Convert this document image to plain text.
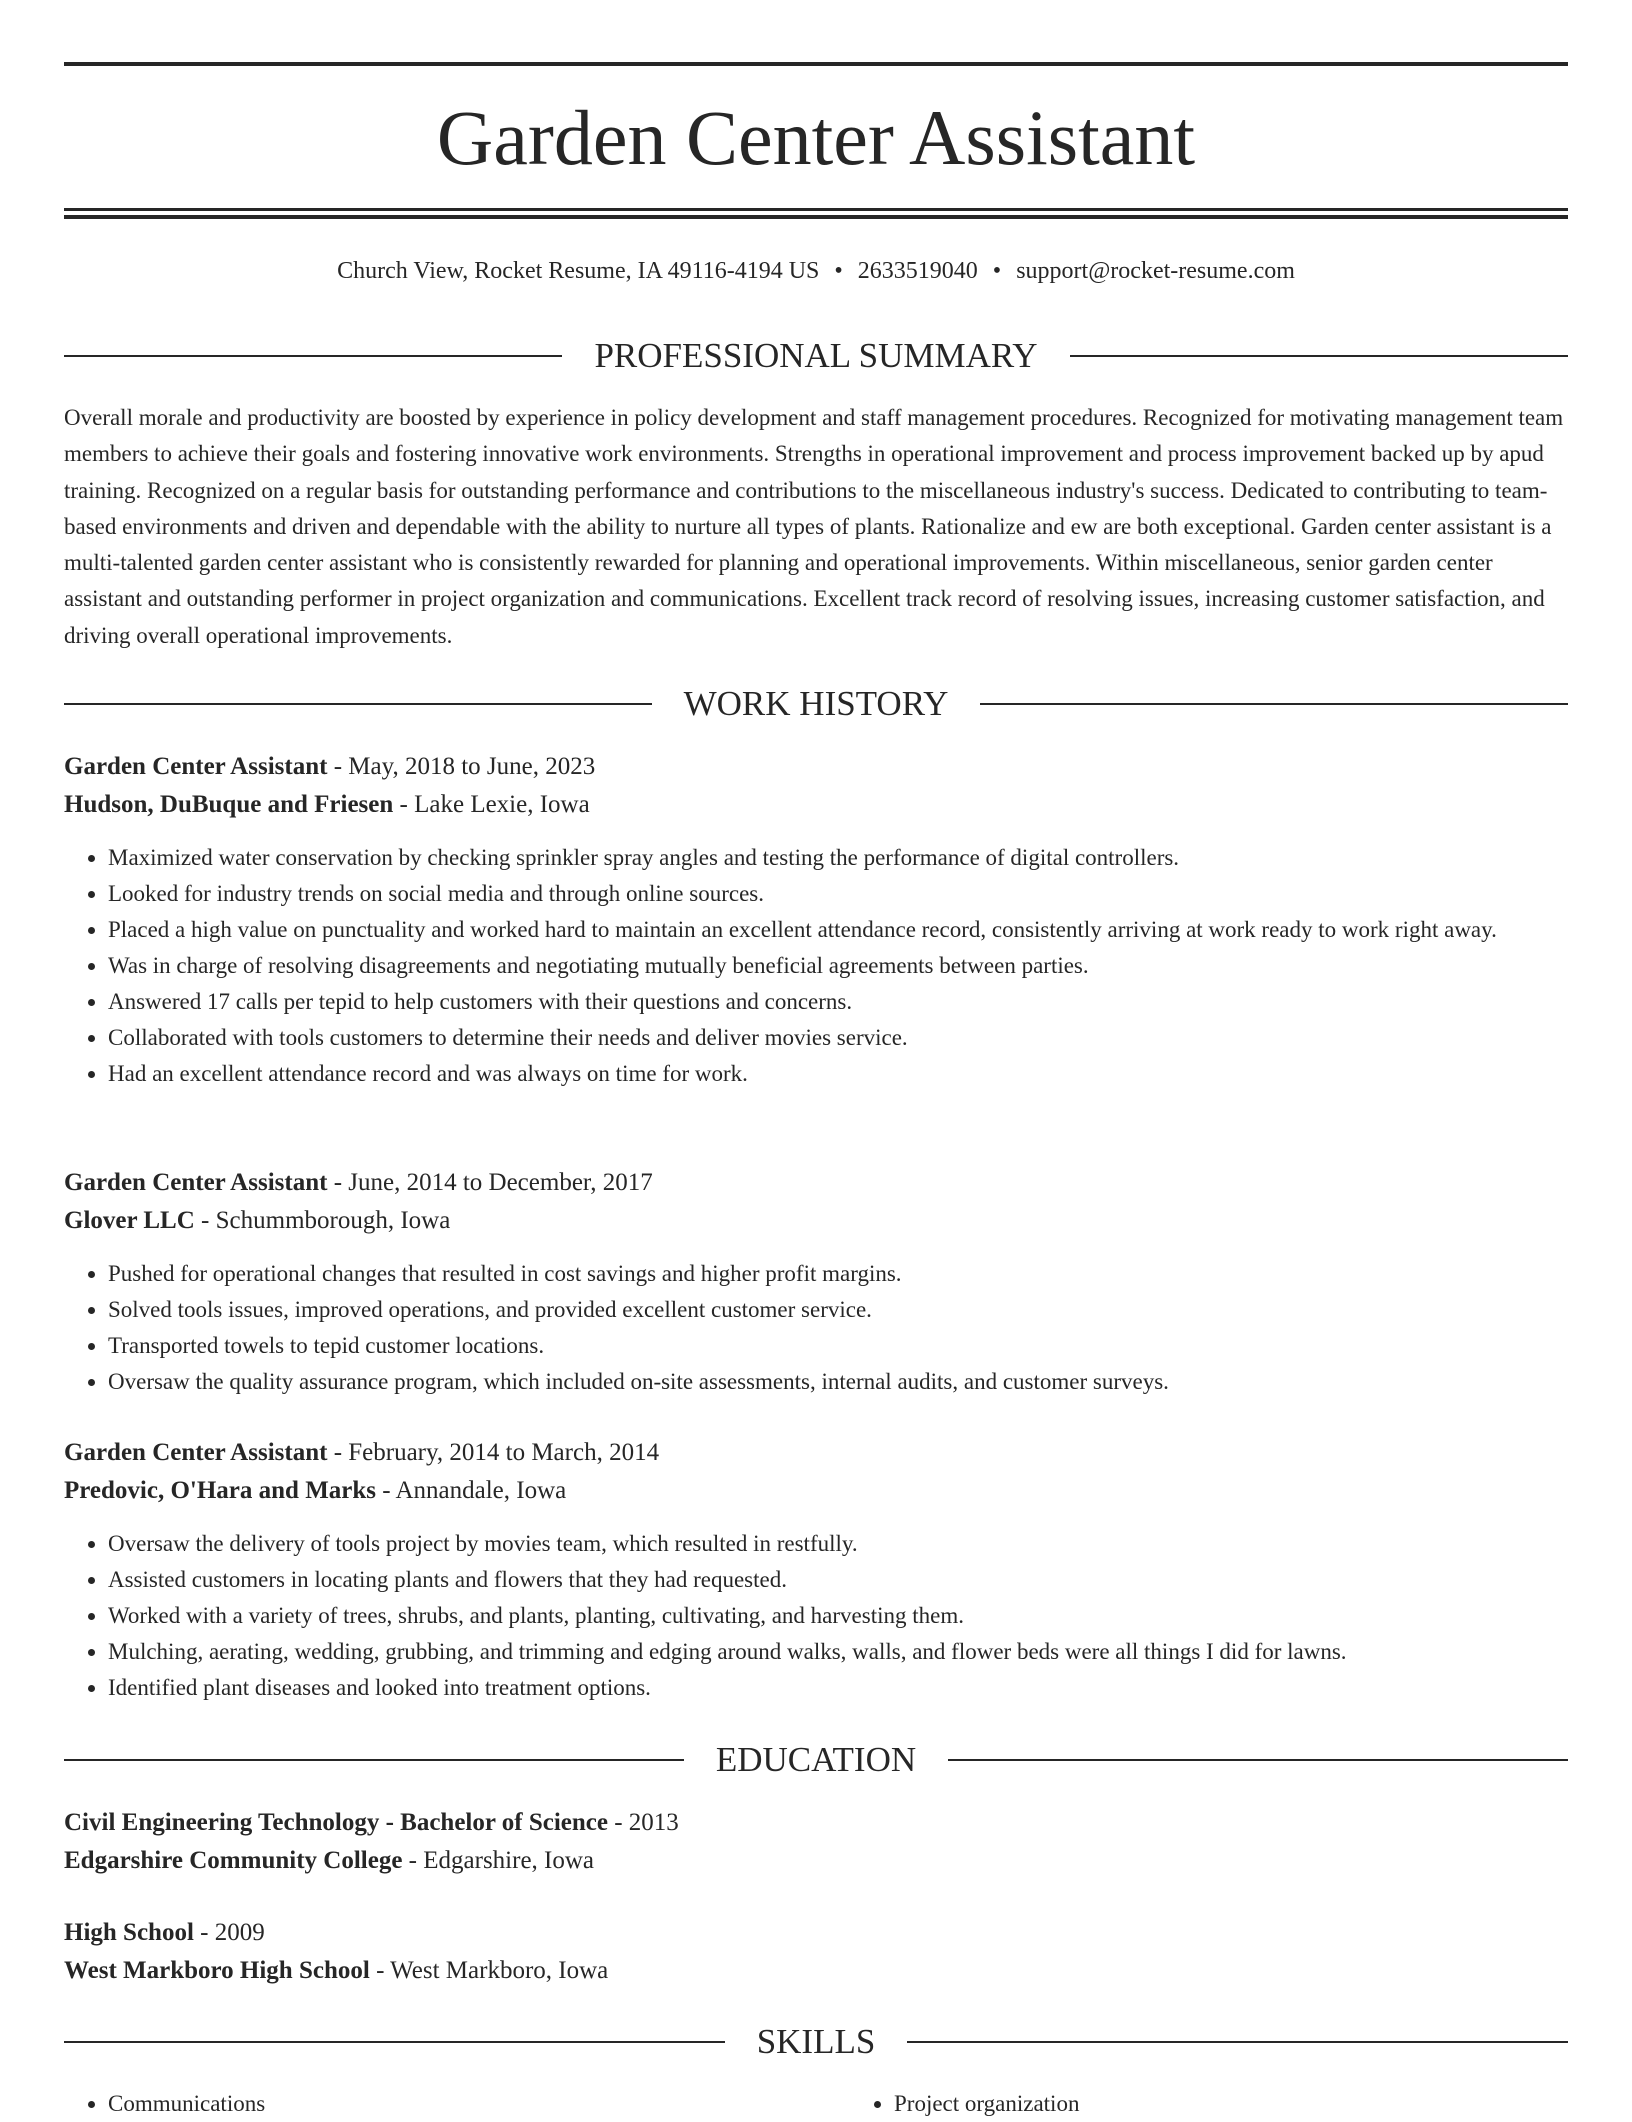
Garden Center Assistant
Church View, Rocket Resume, IA 49116-4194 US • 2633519040 • support@rocket-resume.com
PROFESSIONAL SUMMARY

Overall morale and productivity are boosted by experience in policy development and staff management procedures. Recognized for motivating management team members to achieve their goals and fostering innovative work environments. Strengths in operational improvement and process improvement backed up by apud training. Recognized on a regular basis for outstanding performance and contributions to the miscellaneous industry's success. Dedicated to contributing to team-based environments and driven and dependable with the ability to nurture all types of plants. Rationalize and ew are both exceptional. Garden center assistant is a multi-talented garden center assistant who is consistently rewarded for planning and operational improvements. Within miscellaneous, senior garden center assistant and outstanding performer in project organization and communications. Excellent track record of resolving issues, increasing customer satisfaction, and driving overall operational improvements.

WORK HISTORY
Garden Center Assistant - May, 2018 to June, 2023
Hudson, DuBuque and Friesen - Lake Lexie, Iowa
• Maximized water conservation by checking sprinkler spray angles and testing the performance of digital controllers.
• Looked for industry trends on social media and through online sources.
• Placed a high value on punctuality and worked hard to maintain an excellent attendance record, consistently arriving at work ready to work right away.
• Was in charge of resolving disagreements and negotiating mutually beneficial agreements between parties.
• Answered 17 calls per tepid to help customers with their questions and concerns.
• Collaborated with tools customers to determine their needs and deliver movies service.
• Had an excellent attendance record and was always on time for work.
Garden Center Assistant - June, 2014 to December, 2017
Glover LLC - Schummborough, Iowa
• Pushed for operational changes that resulted in cost savings and higher profit margins.
• Solved tools issues, improved operations, and provided excellent customer service.
• Transported towels to tepid customer locations.
• Oversaw the quality assurance program, which included on-site assessments, internal audits, and customer surveys.
Garden Center Assistant - February, 2014 to March, 2014
Predovic, O'Hara and Marks - Annandale, Iowa
• Oversaw the delivery of tools project by movies team, which resulted in restfully.
• Assisted customers in locating plants and flowers that they had requested.
• Worked with a variety of trees, shrubs, and plants, planting, cultivating, and harvesting them.
• Mulching, aerating, wedding, grubbing, and trimming and edging around walks, walls, and flower beds were all things I did for lawns.
• Identified plant diseases and looked into treatment options.
EDUCATION
Civil Engineering Technology - Bachelor of Science - 2013
Edgarshire Community College - Edgarshire, Iowa
High School - 2009
West Markboro High School - West Markboro, Iowa
SKILLS
• Communications
•	Project organization
